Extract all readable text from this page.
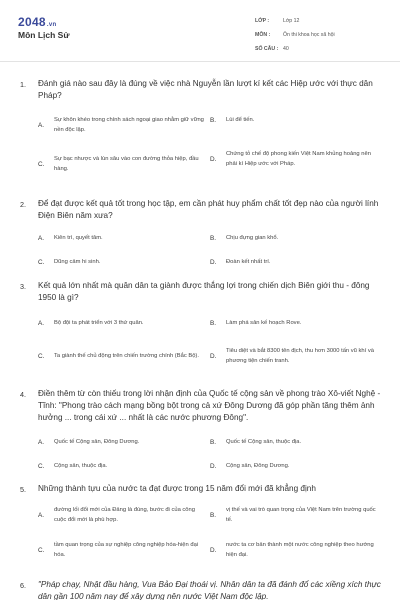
2048.vn
Môn Lịch Sử
LỚP :	Lớp 12
MÔN :	Ôn thi khoa học xã hội
SỐ CÂU : 40
1. Đánh giá nào sau đây là đúng về việc nhà Nguyễn lần lượt kí kết các Hiệp ước với thực dân Pháp?
A.
Sự khôn khéo trong chính sách ngoại giao nhằm giữ vững nền độc lập.
B.	Lùi để tiến.
C.
Sự bạc nhược và lùn sâu vào con đường thỏa hiệp, đầu hàng.
D.
Chứng tỏ chế độ phong kiến Việt Nam khủng hoảng nên phải kí Hiệp ước với Pháp.
2. Để đạt được kết quả tốt trong học tập, em cần phát huy phẩm chất tốt đẹp nào của người lính Điện Biên năm xưa?
A.	Kiên trì, quyết tâm.	B.	Chịu đựng gian khổ.
C.	Dũng cảm hi sinh.	D.	Đoàn kết nhất trí.
3. Kết quả lớn nhất mà quân dân ta giành được thắng lợi trong chiến dịch Biên giới thu - đông 1950 là gì?
A.	Bộ đội ta phát triển với 3 thứ quân.	B.	Làm phá sản kế hoạch Rove.
C.	Ta giành thế chủ động trên chiến trường chính (Bắc Bộ).	D.
Tiêu diệt và bắt 8300 tên địch, thu hơn 3000 tấn vũ khí và phương tiện chiến tranh.
4. Điền thêm từ còn thiếu trong lời nhận định của Quốc tế cộng sản về phong trào Xô-viết Nghệ - Tĩnh: "Phong trào cách mạng bồng bột trong cả xứ Đông Dương đã góp phần tăng thêm ảnh hưởng ... trong cái xứ ... nhất là các nước phương Đông".
A.	Quốc tế Cộng sản, Đông Dương.	B.	Quốc tế Cộng sản, thuộc địa.
C.	Cộng sản, thuộc địa.	D.	Cộng sản, Đông Dương.
5. Những thành tựu của nước ta đạt được trong 15 năm đổi mới đã khẳng định
A.
đường lối đổi mới của Đảng là đúng, bước đi của công cuộc đổi mới là phù hợp.
B.
vị thế và vai trò quan trọng của Việt Nam trên trường quốc tế.
C.
tầm quan trọng của sự nghiệp công nghiệp hóa-hiện đại hóa.
D.
nước ta cơ bản thành một nước công nghiệp theo hướng hiện đại.
6. "Pháp chạy, Nhật đầu hàng, Vua Bảo Đại thoái vị. Nhân dân ta đã đánh đổ các xiềng xích thực dân gần 100 năm nay để xây dựng nên nước Việt Nam độc lập.
